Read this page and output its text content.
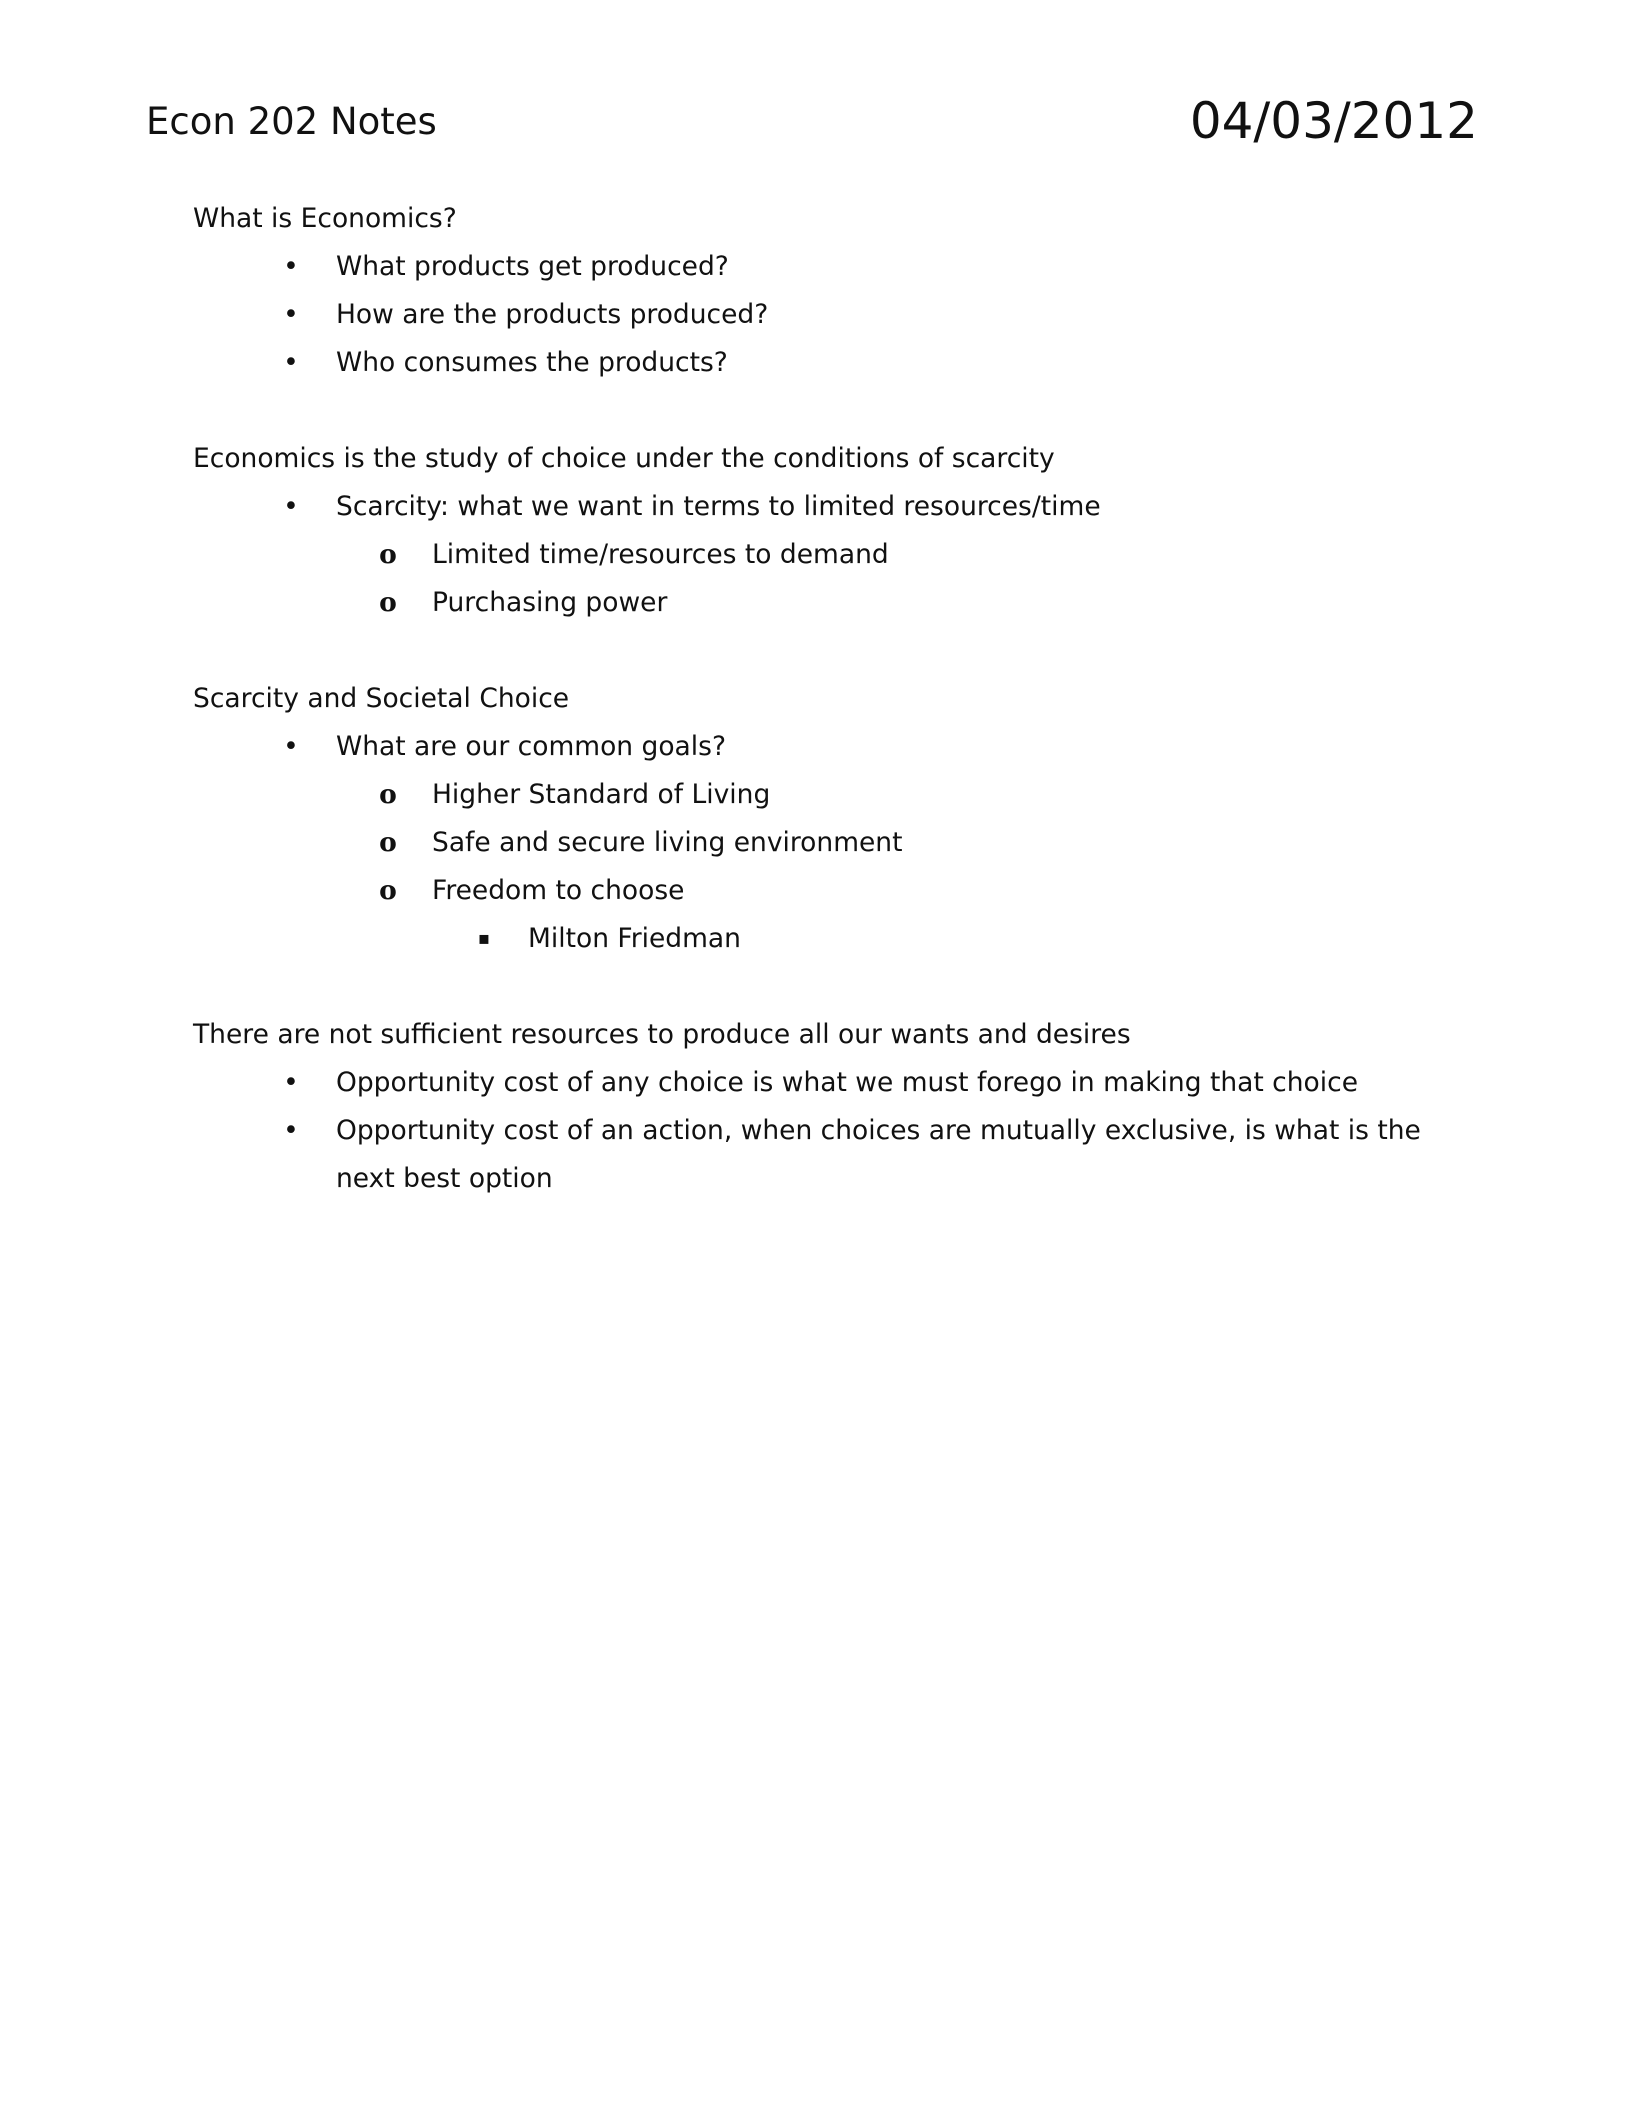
Econ 202 Notes	04/03/2012

What is Economics?

•	What products get produced?
•	How are the products produced?
•	Who consumes the products?

Economics is the study of choice under the conditions of scarcity

•	Scarcity: what we want in terms to limited resources/time
o	Limited time/resources to demand
o	Purchasing power

Scarcity and Societal Choice

•	What are our common goals?
o	Higher Standard of Living
o	Safe and secure living environment
o	Freedom to choose
▪	Milton Friedman

There are not sufficient resources to produce all our wants and desires

•	Opportunity cost of any choice is what we must forego in making that choice
•	Opportunity cost of an action, when choices are mutually exclusive, is what is the next best option
